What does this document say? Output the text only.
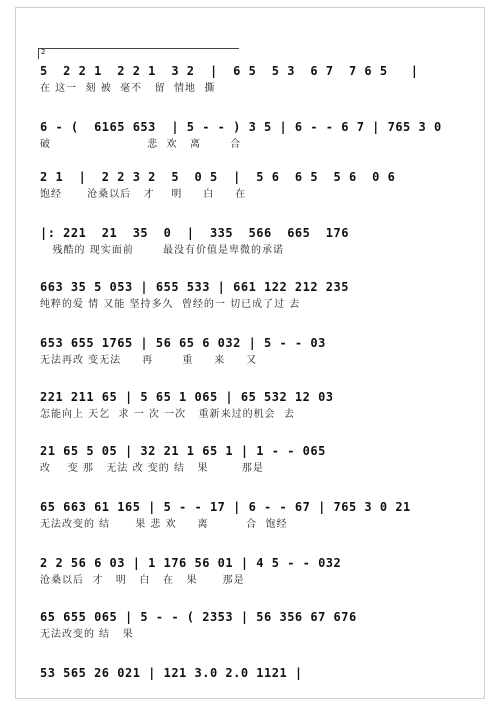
2
5  2 2 1  2 2 1  3 2  |  6 5  5 3  6 7  7 6 5   |
在 这一  刻 被  毫不   留  情地  撕
6 - (  6165 653  | 5 - - ) 3 5 | 6 - - 6 7 | 765 3 0
破                       悲  欢   离       合
2 1  |  2 2 3 2  5  0 5  |  5 6  6 5  5 6  0 6
饱经      沧桑以后   才    明     白     在
|: 221  21  35  0  |  335  566  665  176
残酷的 现实面前       最没有价值是卑微的承诺
663 35 5 053 | 655 533 | 661 122 212 235
纯粹的爱 情 又能 坚持多久  曾经的一 切已成了过 去
653 655 1765 | 56 65 6 032 | 5 - - 03
无法再改 变无法     再       重     来     又
221 211 65 | 5 65 1 065 | 65 532 12 03
怎能向上 天乞  求 一 次 一次   重新来过的机会  去
21 65 5 05 | 32 21 1 65 1 | 1 - - 065
改    变 那   无法 改 变的 结   果        那是
65 663 61 165 | 5 - - 17 | 6 - - 67 | 765 3 0 21
无法改变的 结      果 悲 欢     离         合  饱经
2 2 56 6 03 | 1 176 56 01 | 4 5 - - 032
沧桑以后  才   明   白   在   果      那是
65 655 065 | 5 - - ( 2353 | 56 356 67 676
无法改变的 结   果
53 565 26 021 | 121 3.0 2.0 1121 |
